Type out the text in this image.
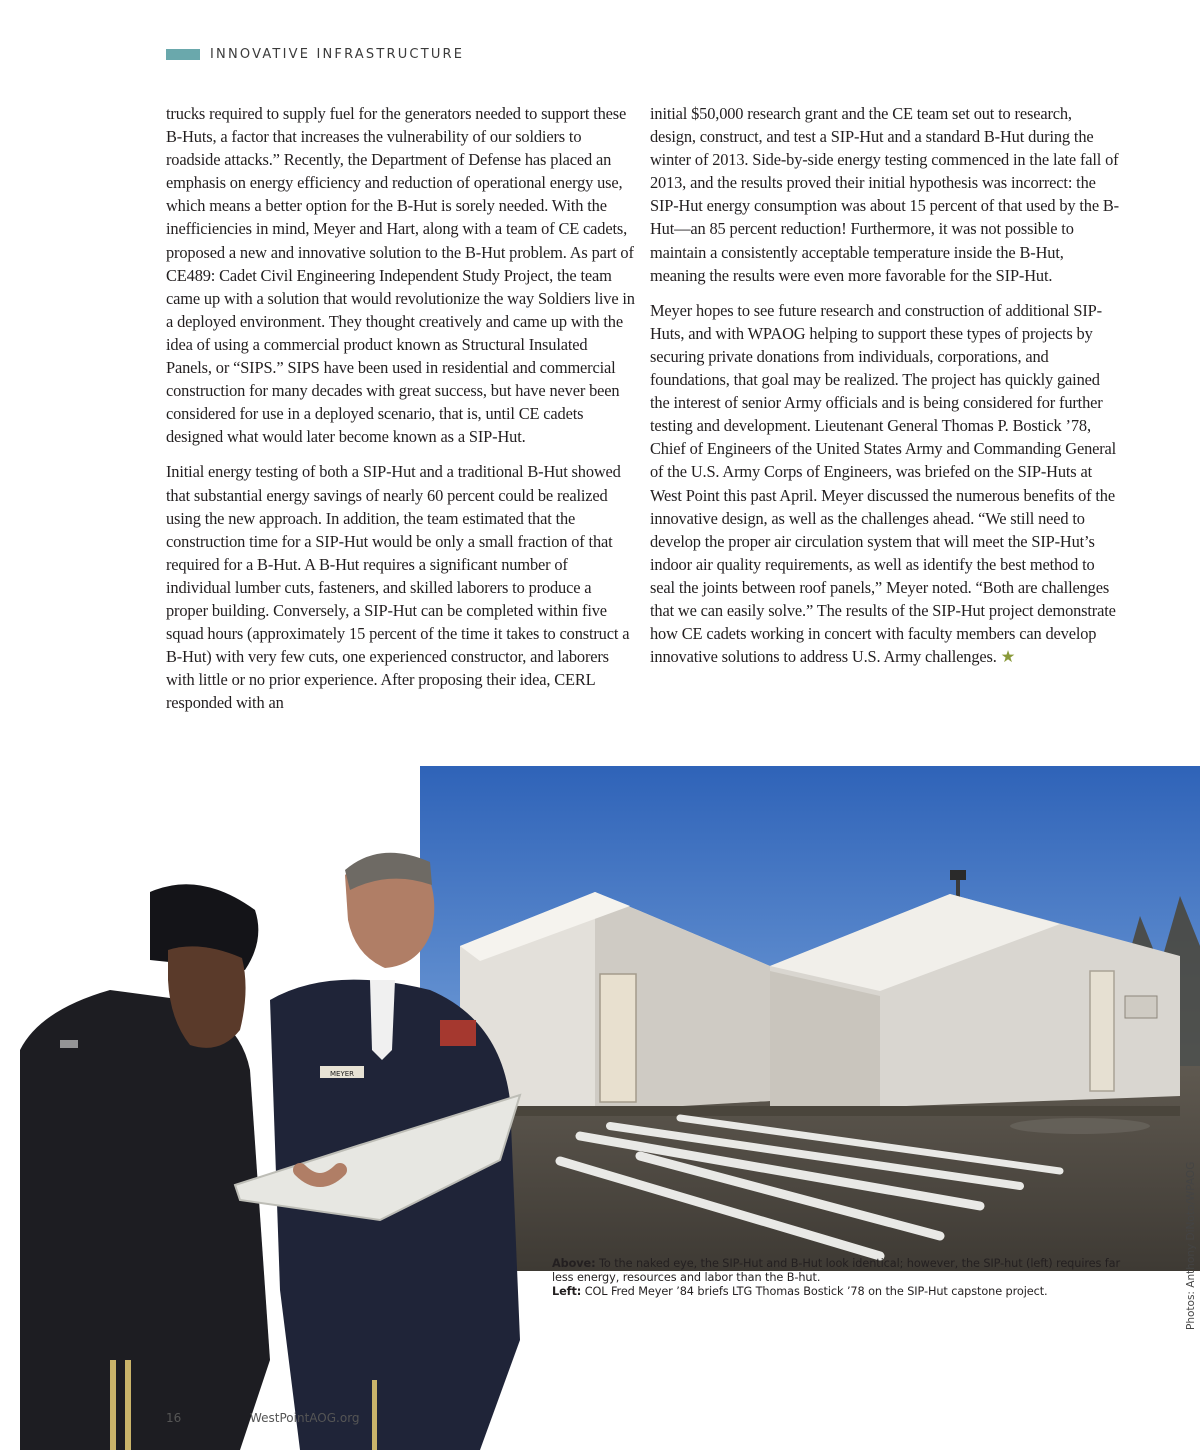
INNOVATIVE INFRASTRUCTURE

trucks required to supply fuel for the generators needed to support these B-Huts, a factor that increases the vulnerability of our soldiers to roadside attacks.” Recently, the Department of Defense has placed an emphasis on energy efficiency and reduction of operational energy use, which means a better option for the B-Hut is sorely needed. With the inefficiencies in mind, Meyer and Hart, along with a team of CE cadets, proposed a new and innovative solution to the B-Hut problem. As part of CE489: Cadet Civil Engineering Independent Study Project, the team came up with a solution that would revolutionize the way Soldiers live in a deployed environment. They thought creatively and came up with the idea of using a commercial product known as Structural Insulated Panels, or “SIPS.” SIPS have been used in residential and commercial construction for many decades with great success, but have never been considered for use in a deployed scenario, that is, until CE cadets designed what would later become known as a SIP-Hut.

Initial energy testing of both a SIP-Hut and a traditional B-Hut showed that substantial energy savings of nearly 60 percent could be realized using the new approach. In addition, the team estimated that the construction time for a SIP-Hut would be only a small fraction of that required for a B-Hut. A B-Hut requires a significant number of individual lumber cuts, fasteners, and skilled laborers to produce a proper building. Conversely, a SIP-Hut can be completed within five squad hours (approximately 15 percent of the time it takes to construct a B-Hut) with very few cuts, one experienced constructor, and laborers with little or no prior experience. After proposing their idea, CERL responded with an

initial $50,000 research grant and the CE team set out to research, design, construct, and test a SIP-Hut and a standard B-Hut during the winter of 2013. Side-by-side energy testing commenced in the late fall of 2013, and the results proved their initial hypothesis was incorrect: the SIP-Hut energy consumption was about 15 percent of that used by the B-Hut—an 85 percent reduction! Furthermore, it was not possible to maintain a consistently acceptable temperature inside the B-Hut, meaning the results were even more favorable for the SIP-Hut.

Meyer hopes to see future research and construction of additional SIP-Huts, and with WPAOG helping to support these types of projects by securing private donations from individuals, corporations, and foundations, that goal may be realized. The project has quickly gained the interest of senior Army officials and is being considered for further testing and development. Lieutenant General Thomas P. Bostick ’78, Chief of Engineers of the United States Army and Commanding General of the U.S. Army Corps of Engineers, was briefed on the SIP-Huts at West Point this past April. Meyer discussed the numerous benefits of the innovative design, as well as the challenges ahead. “We still need to develop the proper air circulation system that will meet the SIP-Hut’s indoor air quality requirements, as well as identify the best method to seal the joints between roof panels,” Meyer noted. “Both are challenges that we can easily solve.” The results of the SIP-Hut project demonstrate how CE cadets working in concert with faculty members can develop innovative solutions to address U.S. Army challenges. ★

MEYER
Above: To the naked eye, the SIP-Hut and B-Hut look identical; however, the SIP-hut (left) requires far less energy, resources and labor than the B-hut.
Left: COL Fred Meyer ’84 briefs LTG Thomas Bostick ’78 on the SIP-Hut capstone project.	Photos: Anthony DiNoto/WPAOG
16	WestPointAOG.org
